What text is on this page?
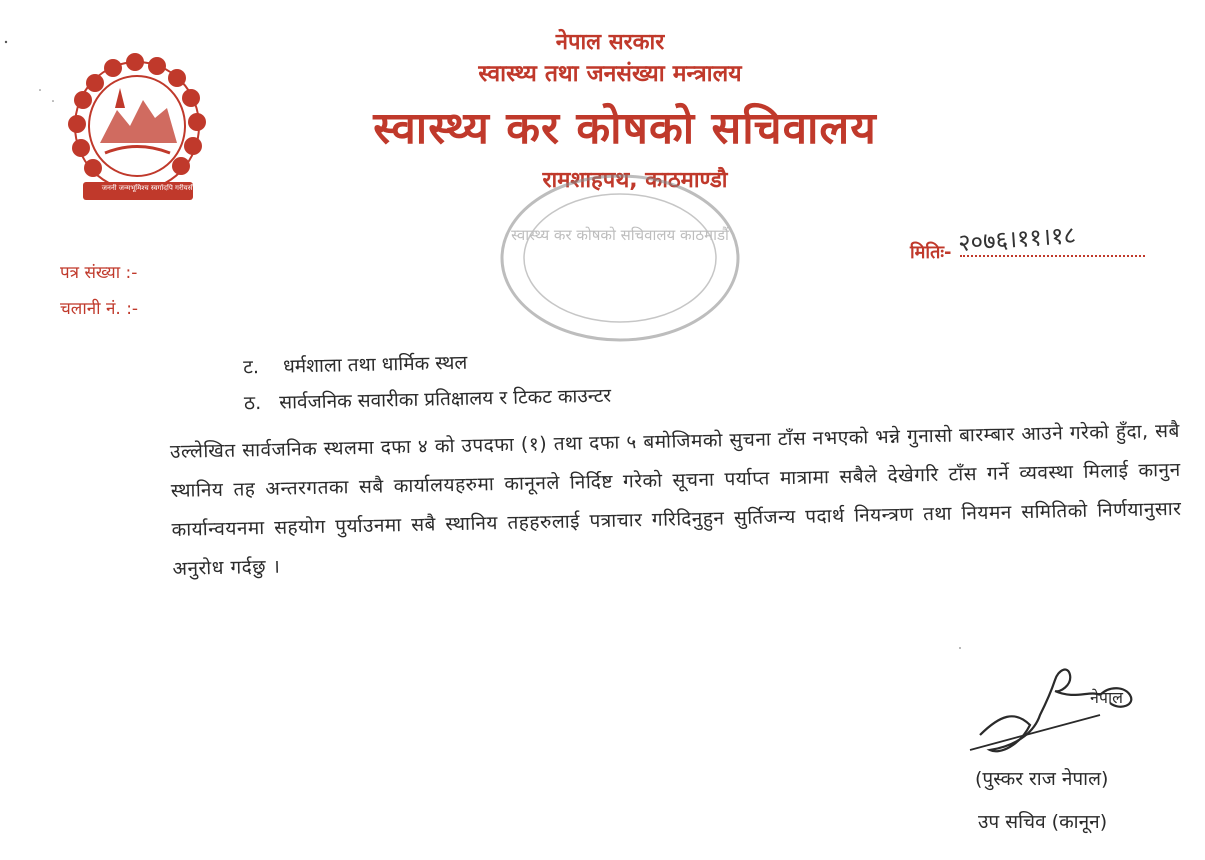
जननी जन्मभूमिश्च स्वर्गादपि गरीयसी
नेपाल सरकार
स्वास्थ्य तथा जनसंख्या मन्त्रालय
स्वास्थ्य कर कोषको सचिवालय
रामशाहपथ, काठमाण्डौ
स्वास्थ्य कर कोषको सचिवालय काठमाडौं
मितिः- २०७६।११।१८
पत्र संख्या :-
चलानी नं. :-
ट. धर्मशाला तथा धार्मिक स्थल
ठ. सार्वजनिक सवारीका प्रतिक्षालय र टिकट काउन्टर
उल्लेखित सार्वजनिक स्थलमा दफा ४ को उपदफा (१) तथा दफा ५ बमोजिमको सुचना टाँस नभएको भन्ने गुनासो बारम्बार आउने गरेको हुँदा, सबै स्थानिय तह अन्तरगतका सबै कार्यालयहरुमा कानूनले निर्दिष्ट गरेको सूचना पर्याप्त मात्रामा सबैले देखेगरि टाँस गर्ने व्यवस्था मिलाई कानुन कार्यान्वयनमा सहयोग पुर्याउनमा सबै स्थानिय तहहरुलाई पत्राचार गरिदिनुहुन सुर्तिजन्य पदार्थ नियन्त्रण तथा नियमन समितिको निर्णयानुसार अनुरोध गर्दछु ।
नेपाल
(पुस्कर राज नेपाल)
उप सचिव (कानून)
